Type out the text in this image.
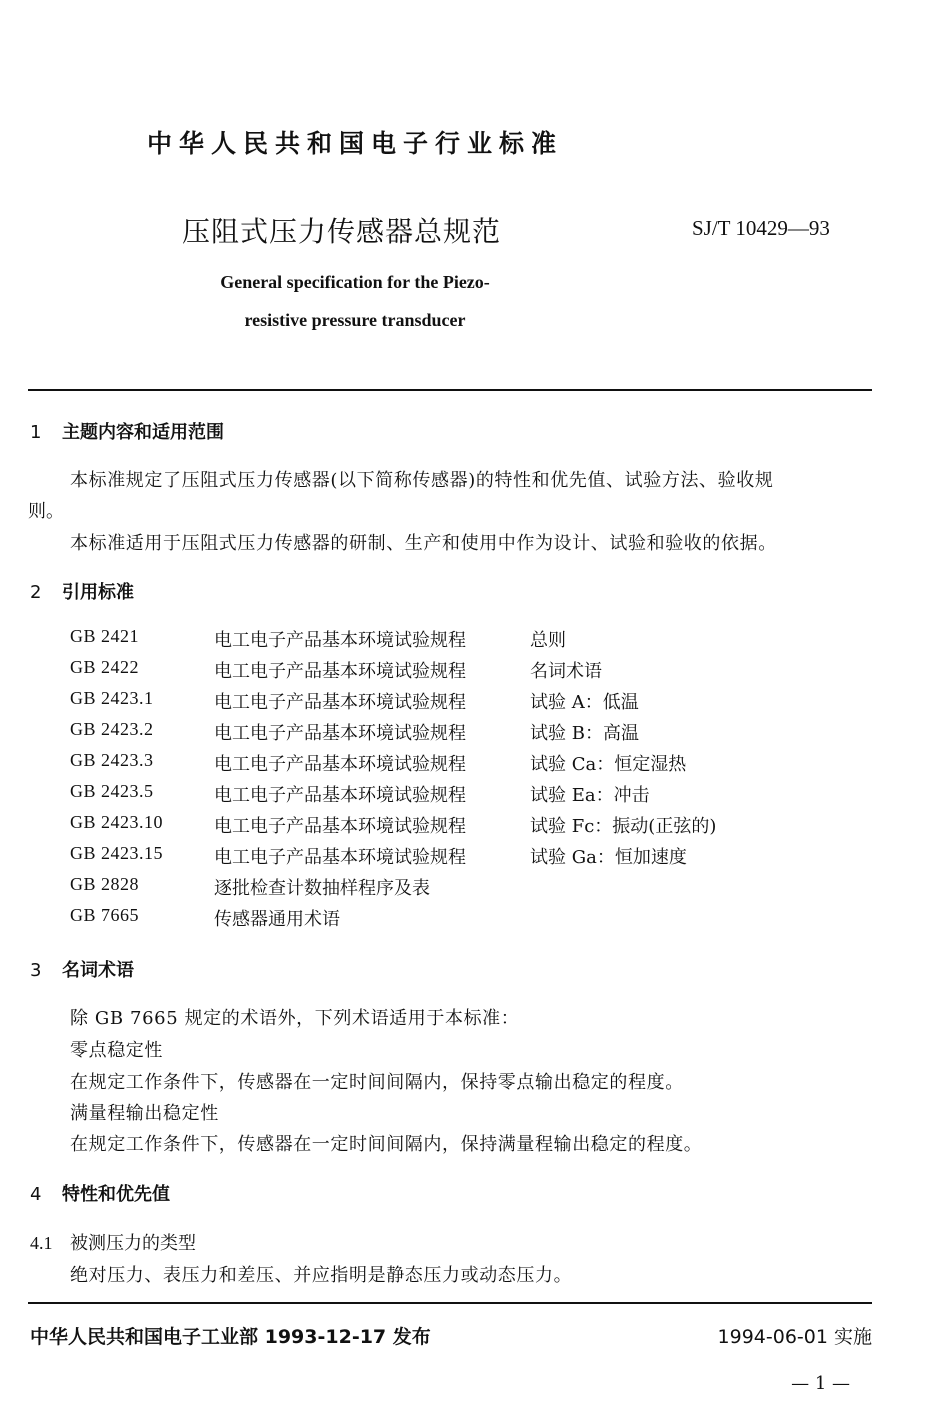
中华人民共和国电子行业标准
压阻式压力传感器总规范	SJ/T 10429—93
General specification for the Piezo-
resistive pressure transducer
1 主题内容和适用范围
本标准规定了压阻式压力传感器(以下简称传感器)的特性和优先值、试验方法、验收规
则。
本标准适用于压阻式压力传感器的研制、生产和使用中作为设计、试验和验收的依据。
2 引用标准
GB 2421	电工电子产品基本环境试验规程	总则
GB 2422	电工电子产品基本环境试验规程	名词术语
GB 2423.1	电工电子产品基本环境试验规程	试验 A：低温
GB 2423.2	电工电子产品基本环境试验规程	试验 B：高温
GB 2423.3	电工电子产品基本环境试验规程	试验 Ca：恒定湿热
GB 2423.5	电工电子产品基本环境试验规程	试验 Ea：冲击
GB 2423.10	电工电子产品基本环境试验规程	试验 Fc：振动(正弦的)
GB 2423.15	电工电子产品基本环境试验规程	试验 Ga：恒加速度
GB 2828	逐批检查计数抽样程序及表
GB 7665	传感器通用术语
3 名词术语
除 GB 7665 规定的术语外，下列术语适用于本标准：
零点稳定性
在规定工作条件下，传感器在一定时间间隔内，保持零点输出稳定的程度。
满量程输出稳定性
在规定工作条件下，传感器在一定时间间隔内，保持满量程输出稳定的程度。
4 特性和优先值
4.1 被测压力的类型
绝对压力、表压力和差压、并应指明是静态压力或动态压力。
中华人民共和国电子工业部 1993-12-17 发布	1994-06-01 实施
— 1 —
